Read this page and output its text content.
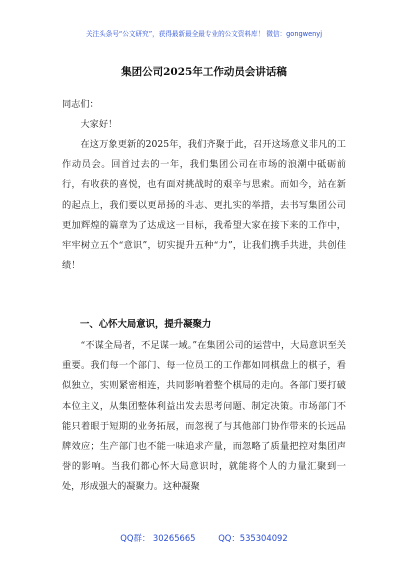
关注头条号“公文研究”，获得最新最全最专业的公文资料库！ 微信：gongwenyj
集团公司2025年工作动员会讲话稿
同志们：

大家好！

在这万象更新的2025年，我们齐聚于此，召开这场意义非凡的工作动员会。回首过去的一年，我们集团公司在市场的浪潮中砥砺前行，有收获的喜悦，也有面对挑战时的艰辛与思索。而如今，站在新的起点上，我们要以更昂扬的斗志、更扎实的举措，去书写集团公司更加辉煌的篇章为了达成这一目标，我希望大家在接下来的工作中，牢牢树立五个“意识”，切实提升五种“力”，让我们携手共进，共创佳绩！

一、心怀大局意识，提升凝聚力

“不谋全局者，不足谋一域。”在集团公司的运营中，大局意识至关重要。我们每一个部门、每一位员工的工作都如同棋盘上的棋子，看似独立，实则紧密相连，共同影响着整个棋局的走向。各部门要打破本位主义，从集团整体利益出发去思考问题、制定决策。市场部门不能只着眼于短期的业务拓展，而忽视了与其他部门协作带来的长远品牌效应；生产部门也不能一味追求产量，而忽略了质量把控对集团声誉的影响。当我们都心怀大局意识时，就能将个人的力量汇聚到一处，形成强大的凝聚力。这种凝聚

QQ群： 30265665	QQ：535304092
